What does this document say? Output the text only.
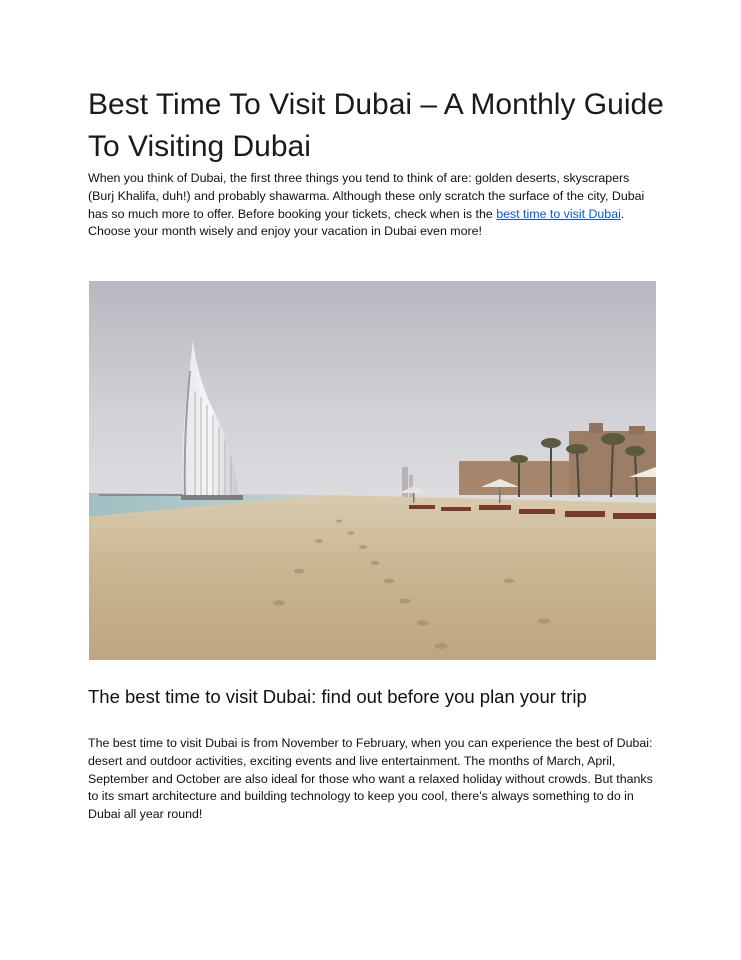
Best Time To Visit Dubai – A Monthly Guide To Visiting Dubai

When you think of Dubai, the first three things you tend to think of are: golden deserts, skyscrapers (Burj Khalifa, duh!) and probably shawarma. Although these only scratch the surface of the city, Dubai has so much more to offer. Before booking your tickets, check when is the best time to visit Dubai. Choose your month wisely and enjoy your vacation in Dubai even more!

The best time to visit Dubai: find out before you plan your trip

The best time to visit Dubai is from November to February, when you can experience the best of Dubai: desert and outdoor activities, exciting events and live entertainment. The months of March, April, September and October are also ideal for those who want a relaxed holiday without crowds. But thanks to its smart architecture and building technology to keep you cool, there's always something to do in Dubai all year round!
